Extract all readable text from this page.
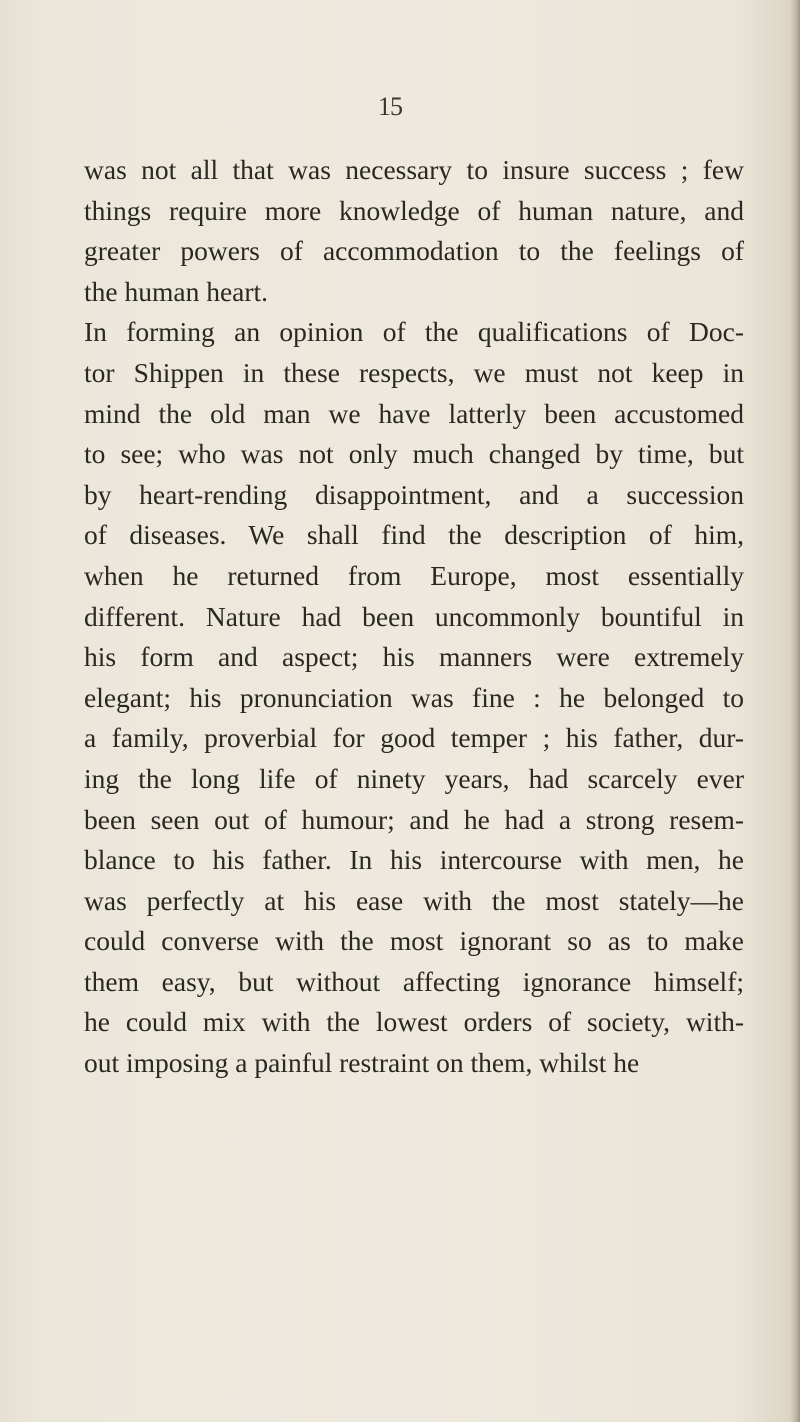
15
was not all that was necessary to insure success ; few
things require more knowledge of human nature, and
greater powers of accommodation to the feelings of
the human heart.
In forming an opinion of the qualifications of Doc-
tor Shippen in these respects, we must not keep in
mind the old man we have latterly been accustomed
to see; who was not only much changed by time, but
by heart-rending disappointment, and a succession
of diseases. We shall find the description of him,
when he returned from Europe, most essentially
different. Nature had been uncommonly bountiful in
his form and aspect; his manners were extremely
elegant; his pronunciation was fine : he belonged to
a family, proverbial for good temper ; his father, dur-
ing the long life of ninety years, had scarcely ever
been seen out of humour; and he had a strong resem-
blance to his father. In his intercourse with men, he
was perfectly at his ease with the most stately—he
could converse with the most ignorant so as to make
them easy, but without affecting ignorance himself;
he could mix with the lowest orders of society, with-
out imposing a painful restraint on them, whilst he
